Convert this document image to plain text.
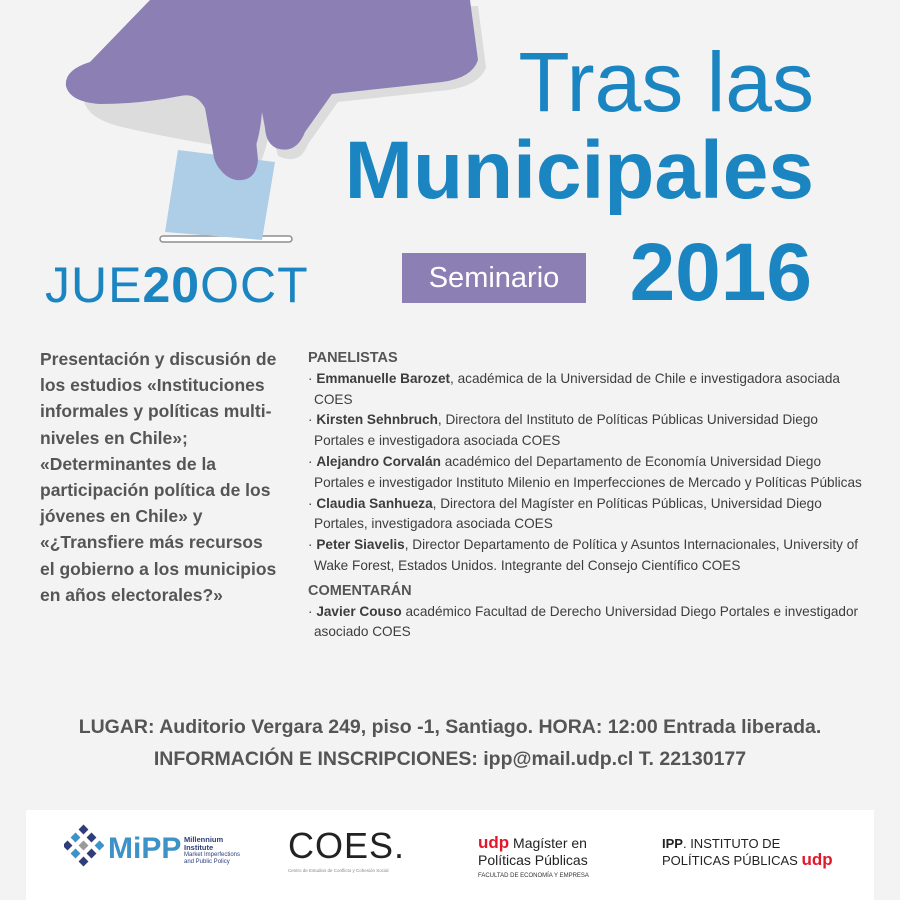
Tras las
Municipales
Seminario 2016
JUE20OCT
Presentación y discusión de los estudios «Instituciones informales y políticas multi-niveles en Chile»; «Determinantes de la participación política de los jóvenes en Chile» y «¿Transfiere más recursos el gobierno a los municipios en años electorales?»
PANELISTAS
· Emmanuelle Barozet, académica de la Universidad de Chile e investigadora asociada COES
· Kirsten Sehnbruch, Directora del Instituto de Políticas Públicas Universidad Diego Portales e investigadora asociada COES
· Alejandro Corvalán académico del Departamento de Economía Universidad Diego Portales e investigador Instituto Milenio en Imperfecciones de Mercado y Políticas Públicas
· Claudia Sanhueza, Directora del Magíster en Políticas Públicas, Universidad Diego Portales, investigadora asociada COES
· Peter Siavelis, Director Departamento de Política y Asuntos Internacionales, University of Wake Forest, Estados Unidos. Integrante del Consejo Científico COES
COMENTARÁN
· Javier Couso académico Facultad de Derecho Universidad Diego Portales e investigador asociado COES
LUGAR: Auditorio Vergara 249, piso -1, Santiago. HORA: 12:00 Entrada liberada.
INFORMACIÓN E INSCRIPCIONES: ipp@mail.udp.cl T. 22130177
MiPP Millennium Institute
Market Imperfections and Public Policy	COES.
Centro de Estudios de Conflicto y Cohesión Social
udp Magíster en
Políticas Públicas
FACULTAD DE ECONOMÍA Y EMPRESA
IPP. INSTITUTO DE
POLÍTICAS PÚBLICAS udp
